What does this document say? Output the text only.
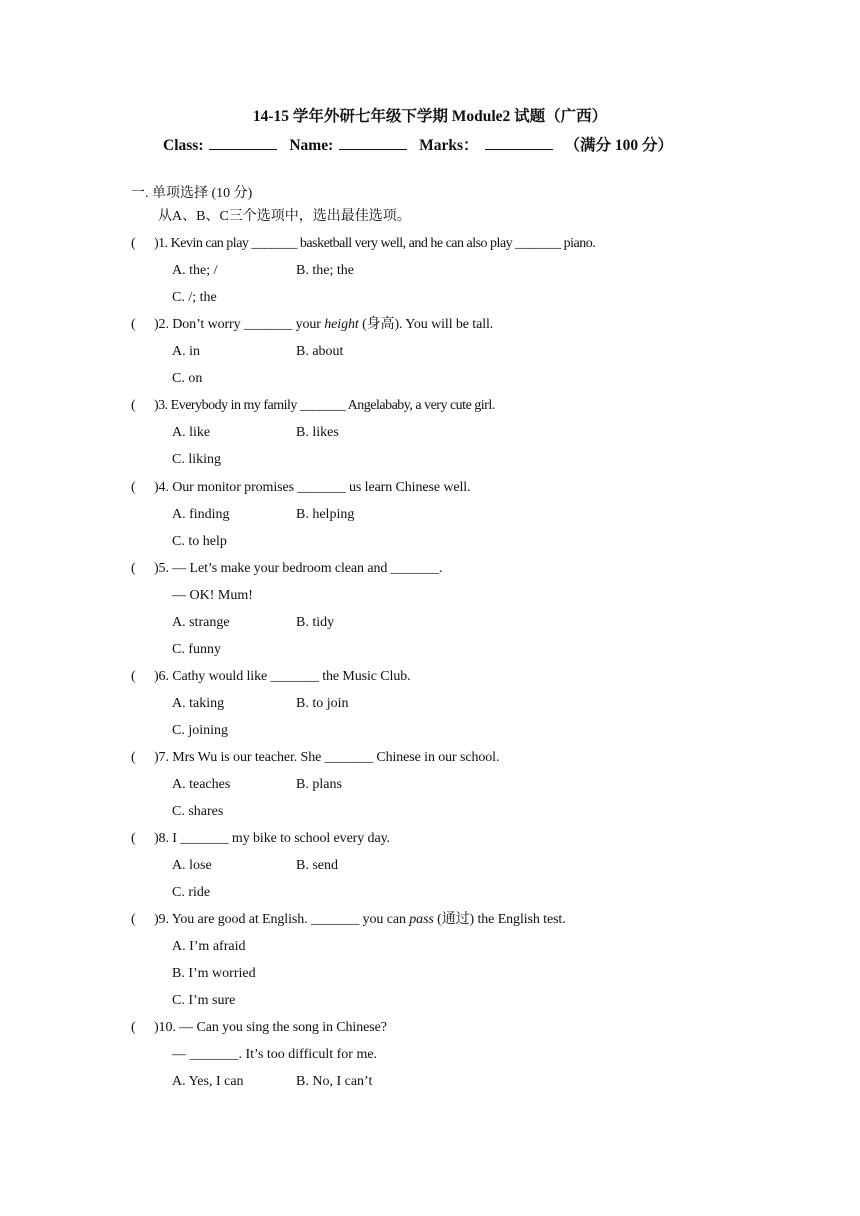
14-15 学年外研七年级下学期 Module2 试题（广西）
Class:	Name:	Marks：	（满分 100 分）
一. 单项选择 (10 分)
从A、B、C三个选项中，选出最佳选项。
( )1. Kevin can play _______ basketball very well, and he can also play _______ piano.
A. the; /	B. the; the
C. /; the
( )2. Don’t worry _______ your height (身高). You will be tall.
A. in	B. about
C. on
( )3. Everybody in my family _______ Angelababy, a very cute girl.
A. like	B. likes
C. liking
( )4. Our monitor promises _______ us learn Chinese well.
A. finding	B. helping
C. to help
( )5. — Let’s make your bedroom clean and _______.
— OK! Mum!
A. strange	B. tidy
C. funny
( )6. Cathy would like _______ the Music Club.
A. taking	B. to join
C. joining
( )7. Mrs Wu is our teacher. She _______ Chinese in our school.
A. teaches	B. plans
C. shares
( )8. I _______ my bike to school every day.
A. lose	B. send
C. ride
( )9. You are good at English. _______ you can pass (通过) the English test.
A. I’m afraid
B. I’m worried
C. I’m sure
( )10. — Can you sing the song in Chinese?
— _______. It’s too difficult for me.
A. Yes, I can	B. No, I can’t
